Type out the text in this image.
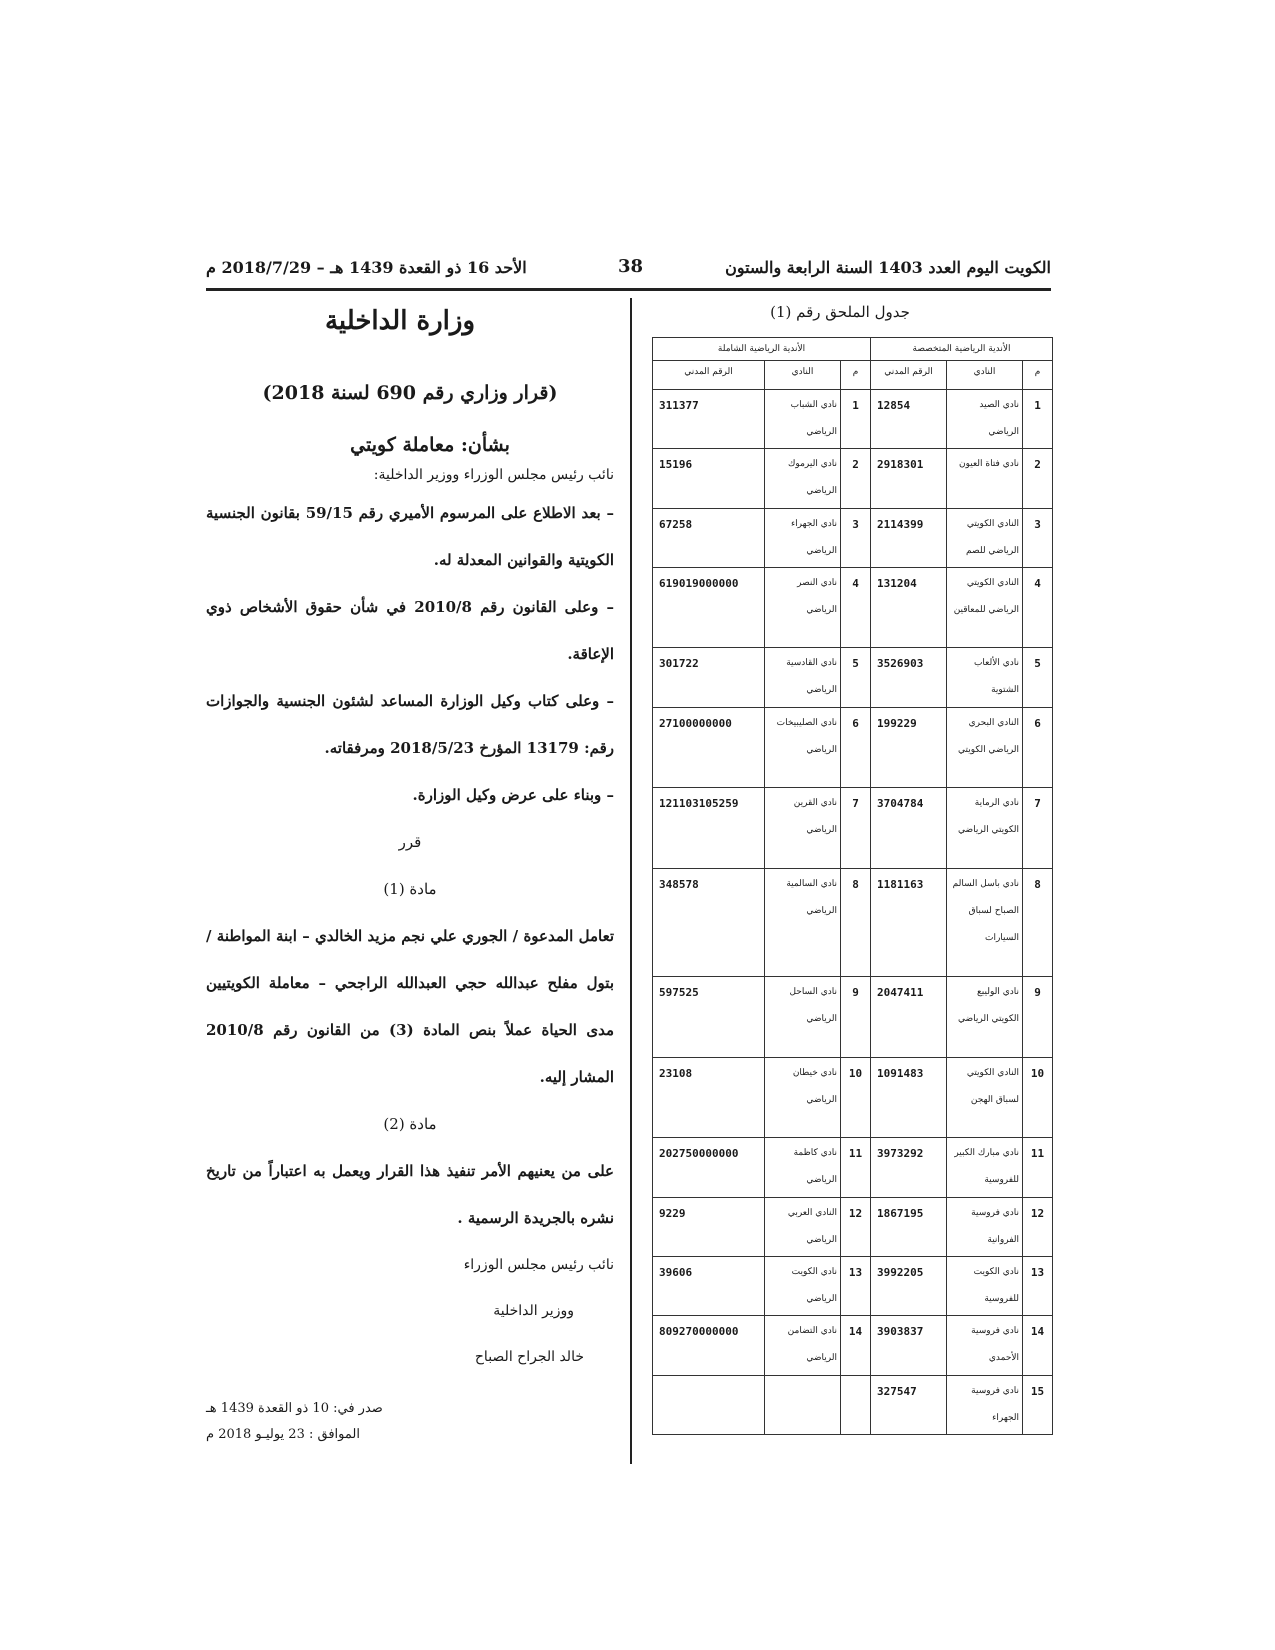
الكويت اليوم العدد 1403 السنة الرابعة والستون
38
الأحد 16 ذو القعدة 1439 هـ – 2018/7/29 م
جدول الملحق رقم (1)
الأندية الرياضية المتخصصة			الأندية الرياضية الشاملة		
م	النادي	الرقم المدني	م	النادي	الرقم المدني
1	نادي الصيد الرياضي	12854	1	نادي الشباب الرياضي	311377
2	نادي فتاة العيون	2918301	2	نادي اليرموك الرياضي	15196
3	النادي الكويتي الرياضي للصم	2114399	3	نادي الجهراء الرياضي	67258
4	النادي الكويتي الرياضي للمعاقين	131204	4	نادي النصر الرياضي	619019000000
5	نادي الألعاب الشتوية	3526903	5	نادي القادسية الرياضي	301722
6	النادي البحري الرياضي الكويتي	199229	6	نادي الصليبيخات الرياضي	27100000000
7	نادي الرماية الكويتي الرياضي	3704784	7	نادي القرين الرياضي	121103105259
8	نادي باسل السالم الصباح لسباق السيارات	1181163	8	نادي السالمية الرياضي	348578
9	نادي الوليبع الكويتي الرياضي	2047411	9	نادي الساحل الرياضي	597525
10	النادي الكويتي لسباق الهجن	1091483	10	نادي خيطان الرياضي	23108
11	نادي مبارك الكبير للفروسية	3973292	11	نادي كاظمة الرياضي	202750000000
12	نادي فروسية الفروانية	1867195	12	النادي العربي الرياضي	9229
13	نادي الكويت للفروسية	3992205	13	نادي الكويت الرياضي	39606
14	نادي فروسية الأحمدي	3903837	14	نادي التضامن الرياضي	809270000000
15	نادي فروسية الجهراء	327547			
وزارة الداخلية
(قرار وزاري رقم 690 لسنة 2018)
بشأن: معاملة كويتي

نائب رئيس مجلس الوزراء ووزير الداخلية:

– بعد الاطلاع على المرسوم الأميري رقم 59/15 بقانون الجنسية الكويتية والقوانين المعدلة له.

– وعلى القانون رقم 2010/8 في شأن حقوق الأشخاص ذوي الإعاقة.

– وعلى كتاب وكيل الوزارة المساعد لشئون الجنسية والجوازات رقم: 13179 المؤرخ 2018/5/23 ومرفقاته.

– وبناء على عرض وكيل الوزارة.

قرر
مادة (1)

تعامل المدعوة / الجوري علي نجم مزيد الخالدي – ابنة المواطنة / بتول مفلح عبدالله حجي العبدالله الراجحي – معاملة الكويتيين مدى الحياة عملاً بنص المادة (3) من القانون رقم 2010/8 المشار إليه.

مادة (2)

على من يعنيهم الأمر تنفيذ هذا القرار ويعمل به اعتباراً من تاريخ نشره بالجريدة الرسمية .

نائب رئيس مجلس الوزراء
ووزير الداخلية
خالد الجراح الصباح
صدر في: 10 ذو القعدة 1439 هـ
الموافق : 23 يوليـو 2018 م
